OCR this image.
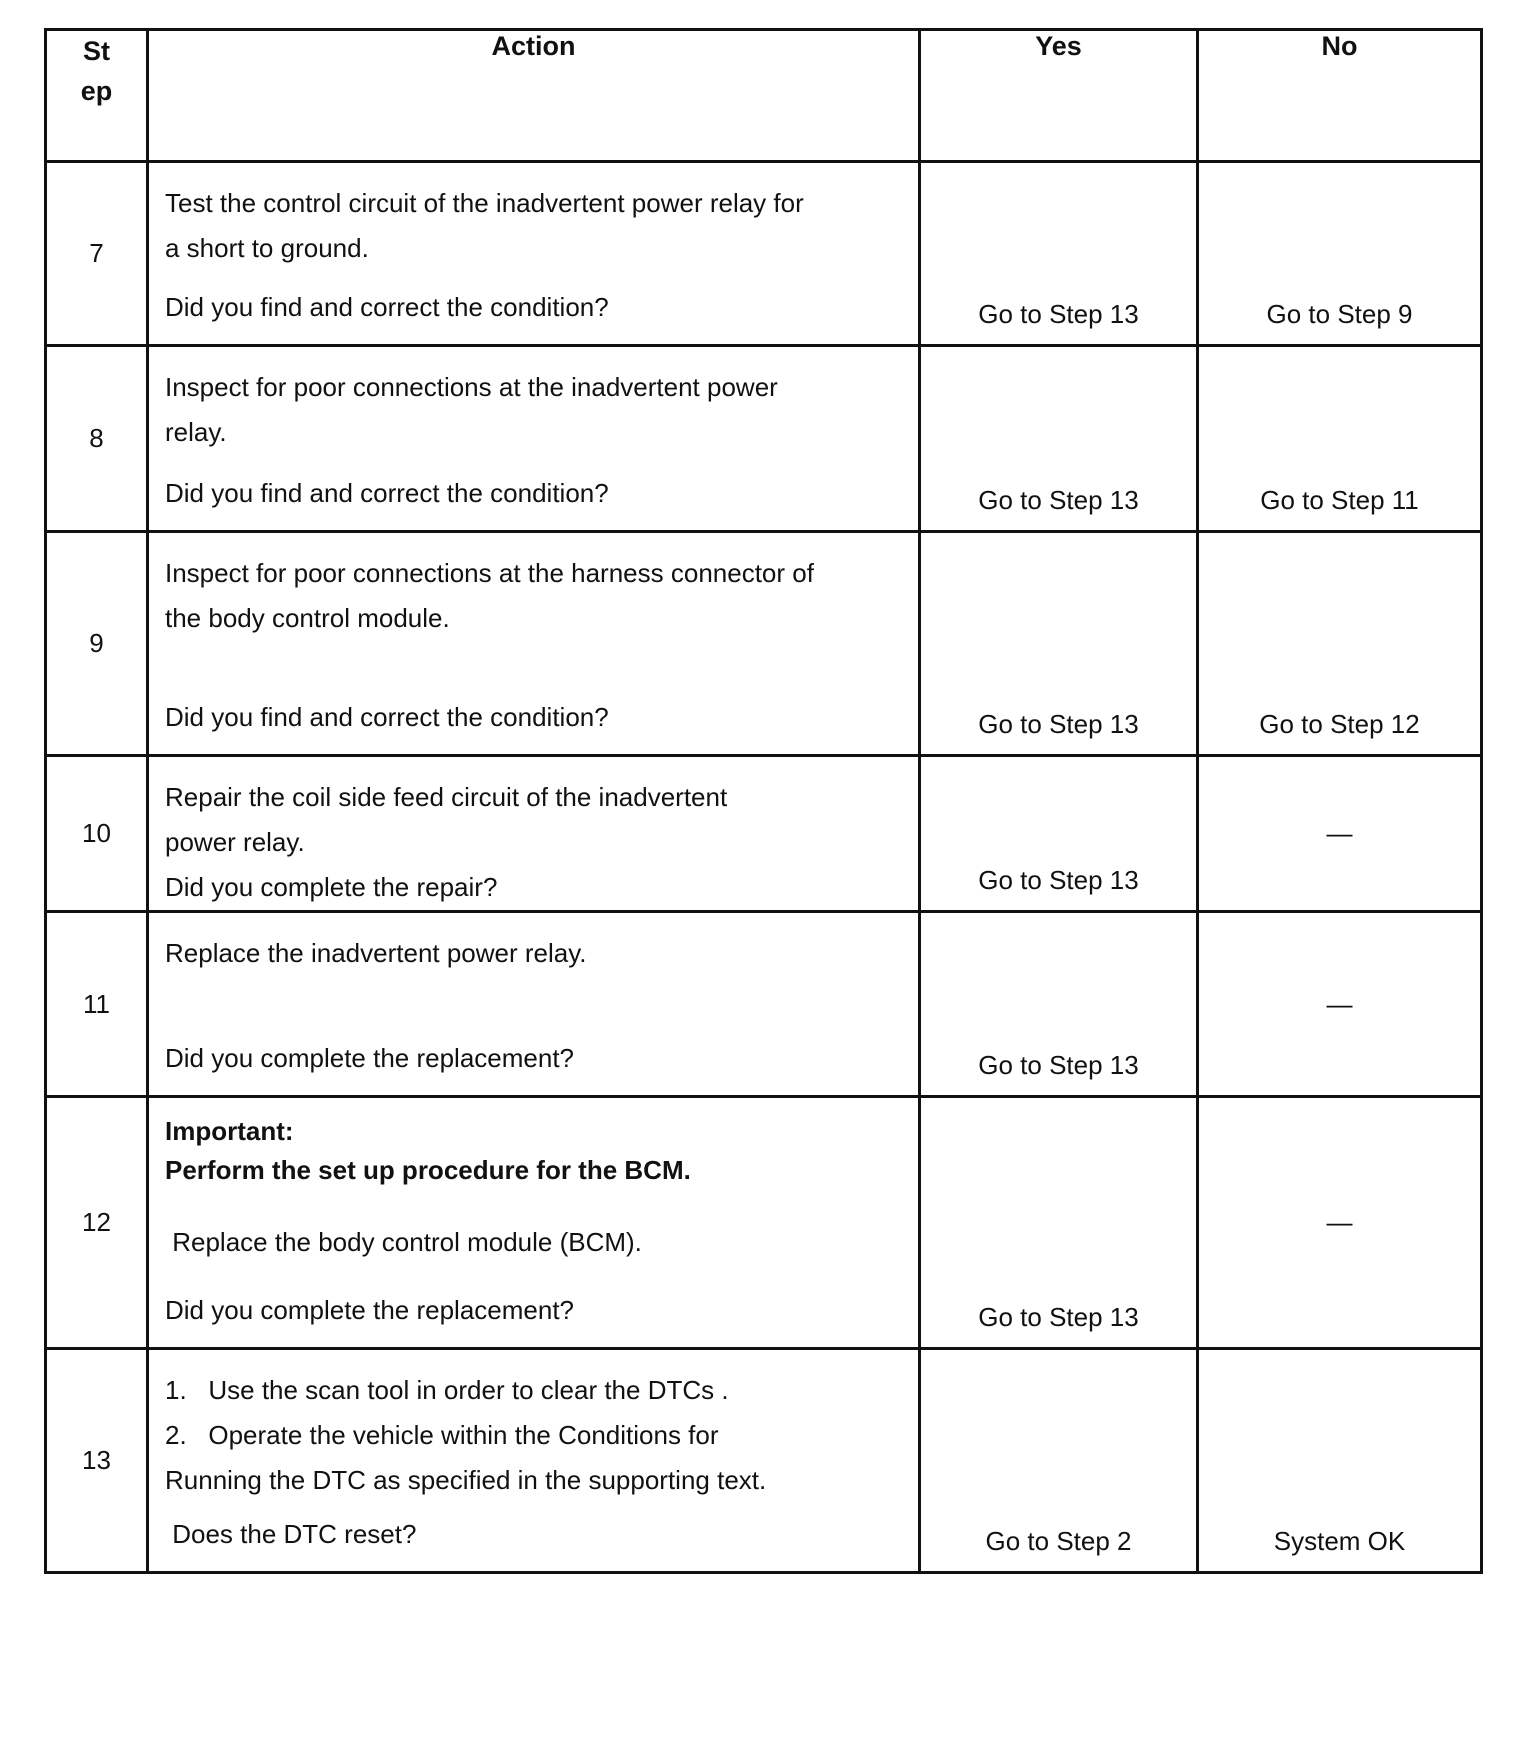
St
ep	Action	Yes	No
7	Test the control circuit of the inadvertent power relay for
a short to ground.
Did you find and correct the condition?	Go to Step 13	Go to Step 9

8	Inspect for poor connections at the inadvertent power
relay.
Did you find and correct the condition?	Go to Step 13	Go to Step 11

9	Inspect for poor connections at the harness connector of
the body control module.
Did you find and correct the condition?	Go to Step 13	Go to Step 12

10	Repair the coil side feed circuit of the inadvertent
power relay.
Did you complete the repair?	Go to Step 13	—
11	Replace the inadvertent power relay.
Did you complete the replacement?	Go to Step 13	—
12	Important:
Perform the set up procedure for the BCM.
Replace the body control module (BCM).
Did you complete the replacement?	Go to Step 13	—
13	1.   Use the scan tool in order to clear the DTCs .
2.   Operate the vehicle within the Conditions for
Running the DTC as specified in the supporting text.
Does the DTC reset?	Go to Step 2	System OK
